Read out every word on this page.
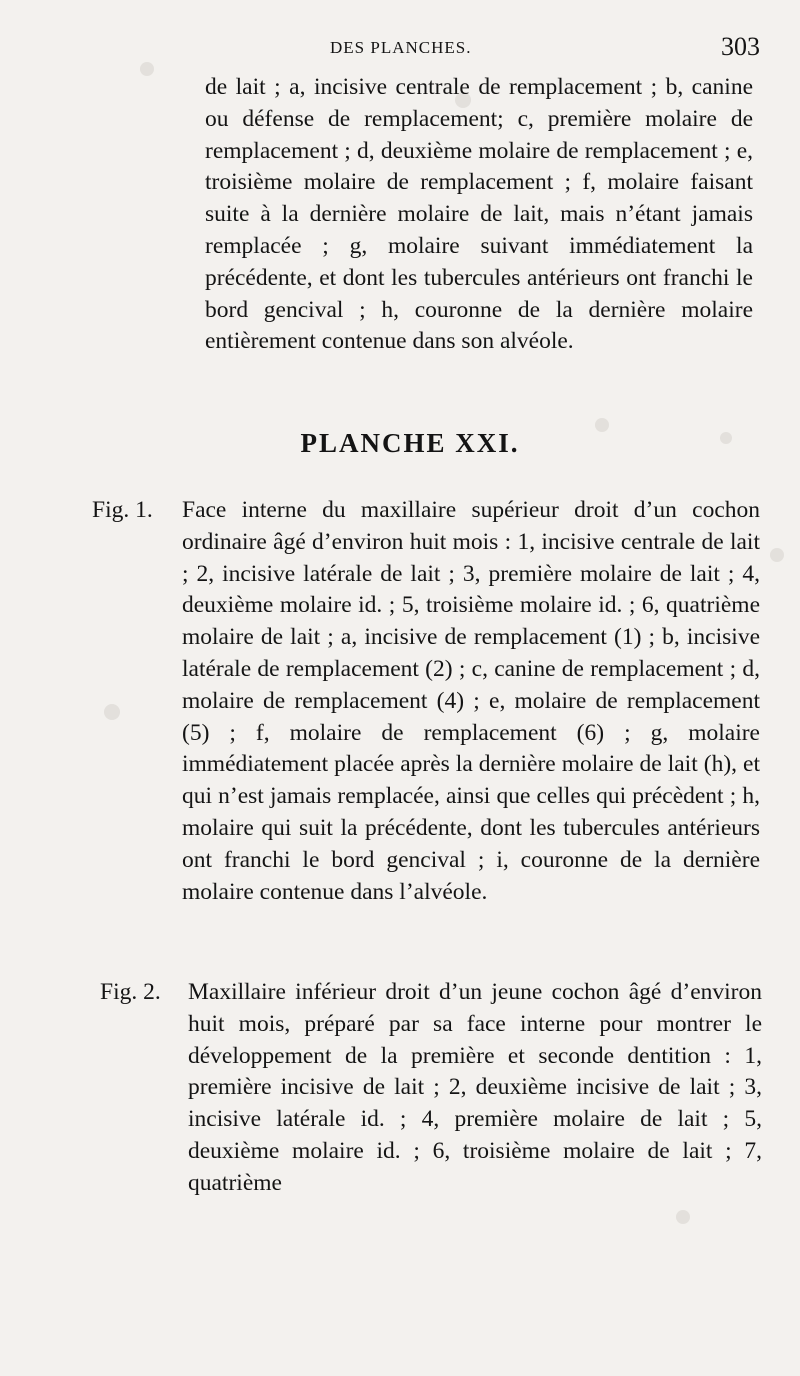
DES PLANCHES.	303
de lait ; a, incisive centrale de remplacement ; b, canine ou défense de remplacement; c, première molaire de remplacement ; d, deuxième molaire de remplacement ; e, troisième molaire de remplacement ; f, molaire faisant suite à la dernière molaire de lait, mais n’étant jamais remplacée ; g, molaire suivant immédiatement la précédente, et dont les tubercules antérieurs ont franchi le bord gencival ; h, couronne de la dernière molaire entièrement contenue dans son alvéole.
PLANCHE XXI.
Fig. 1. Face interne du maxillaire supérieur droit d’un cochon ordinaire âgé d’environ huit mois : 1, incisive centrale de lait ; 2, incisive latérale de lait ; 3, première molaire de lait ; 4, deuxième molaire id. ; 5, troisième molaire id. ; 6, quatrième molaire de lait ; a, incisive de remplacement (1) ; b, incisive latérale de remplacement (2) ; c, canine de remplacement ; d, molaire de remplacement (4) ; e, molaire de remplacement (5) ; f, molaire de remplacement (6) ; g, molaire immédiatement placée après la dernière molaire de lait (h), et qui n’est jamais remplacée, ainsi que celles qui précèdent ; h, molaire qui suit la précédente, dont les tubercules antérieurs ont franchi le bord gencival ; i, couronne de la dernière molaire contenue dans l’alvéole.
Fig. 2. Maxillaire inférieur droit d’un jeune cochon âgé d’environ huit mois, préparé par sa face interne pour montrer le développement de la première et seconde dentition : 1, première incisive de lait ; 2, deuxième incisive de lait ; 3, incisive latérale id. ; 4, première molaire de lait ; 5, deuxième molaire id. ; 6, troisième molaire de lait ; 7, quatrième
